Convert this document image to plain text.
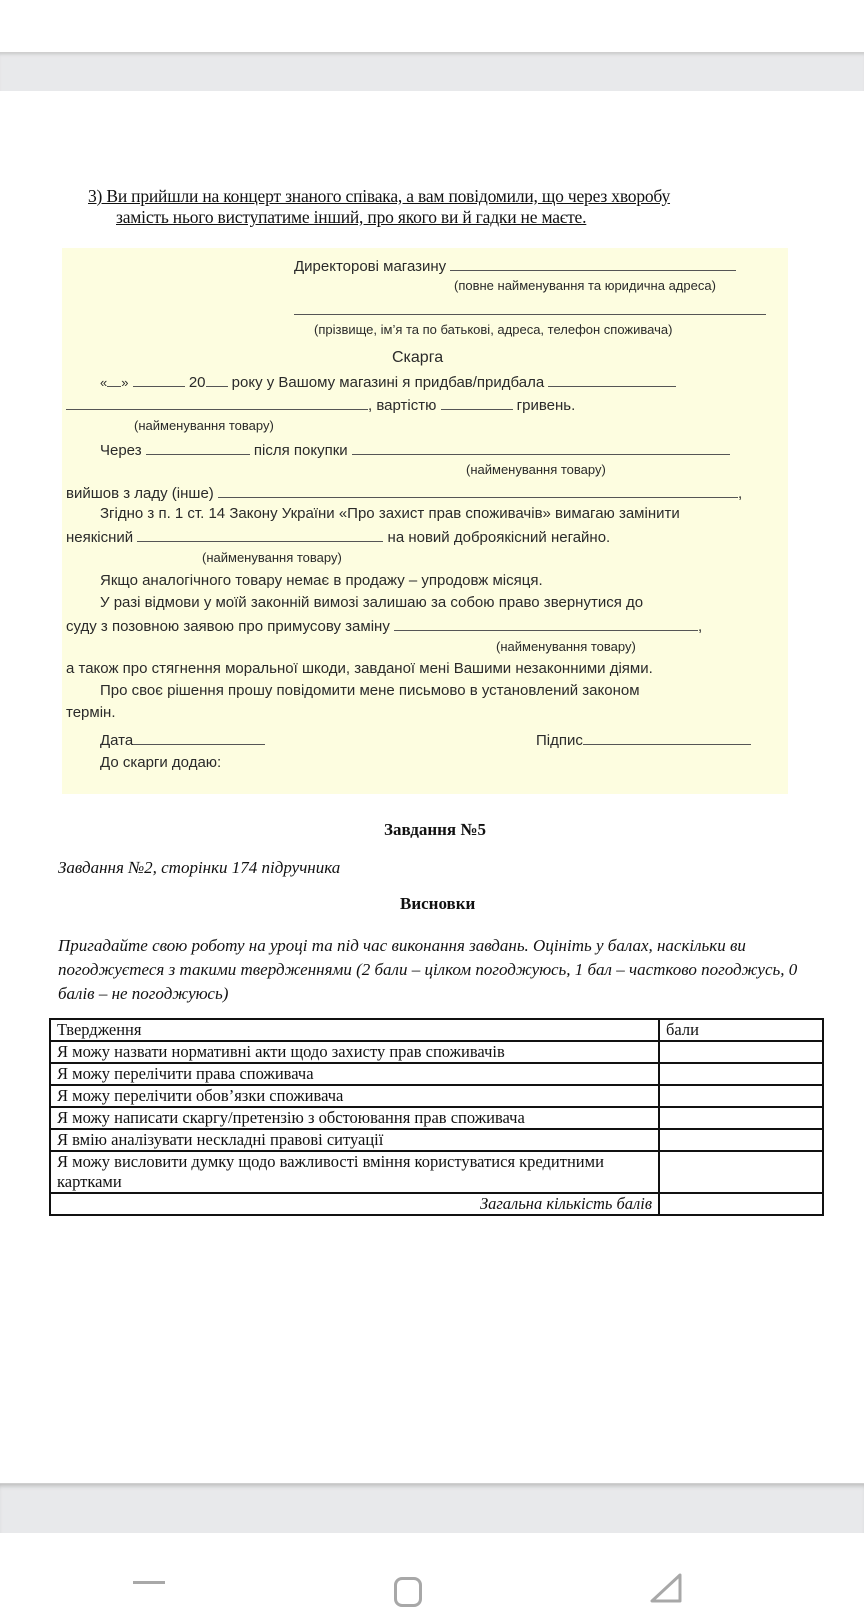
3) Ви прийшли на концерт знаного співака, а вам повідомили, що через хворобу
замість нього виступатиме інший, про якого ви й гадки не маєте.
Директорові магазину
(повне найменування та юридична адреса)
(прізвище, ім’я та по батькові, адреса, телефон споживача)
Скарга
« »	20 року у Вашому магазині я придбав/придбала
, вартістю	гривень.
(найменування товару)
Через	після покупки
(найменування товару)
вийшов з ладу (інше)	,
Згідно з п. 1 ст. 14 Закону України «Про захист прав споживачів» вимагаю замінити
неякісний	на новий доброякісний негайно.
(найменування товару)
Якщо аналогічного товару немає в продажу – упродовж місяця.
У разі відмови у моїй законній вимозі залишаю за собою право звернутися до
суду з позовною заявою про примусову заміну	,
(найменування товару)
а також про стягнення моральної шкоди, завданої мені Вашими незаконними діями.
Про своє рішення прошу повідомити мене письмово в установлений законом
термін.
Дата	Підпис
До скарги додаю:
Завдання №5
Завдання №2, сторінки 174 підручника
Висновки
Пригадайте свою роботу на уроці та під час виконання завдань. Оцініть у балах, наскільки ви погоджуєтеся з такими твердженнями (2 бали – цілком погоджуюсь, 1 бал – частково погоджусь, 0 балів – не погоджуюсь)
Твердження	бали
Я можу назвати нормативні акти щодо захисту прав споживачів	
Я можу перелічити права споживача	
Я можу перелічити обов’язки споживача	
Я можу написати скаргу/претензію з обстоювання прав споживача	
Я вмію аналізувати нескладні правові ситуації	
Я можу висловити думку щодо важливості вміння користуватися кредитними картками	
Загальна кількість балів	
